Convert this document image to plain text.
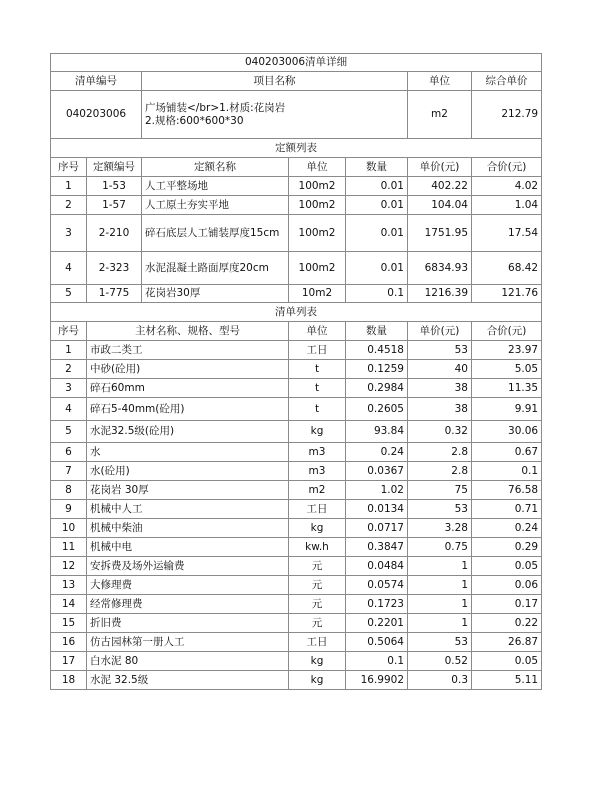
040203006清单详细						
清单编号		项目名称			单位	综合单价
040203006		广场铺装</br>1.材质:花岗岩
2.规格:600*600*30			m2	212.79
定额列表						
序号	定额编号	定额名称	单位	数量	单价(元)	合价(元)
1	1-53	人工平整场地	100m2	0.01	402.22	4.02
2	1-57	人工原土夯实平地	100m2	0.01	104.04	1.04
3	2-210	碎石底层人工铺装厚度15cm	100m2	0.01	1751.95	17.54
4	2-323	水泥混凝土路面厚度20cm	100m2	0.01	6834.93	68.42
5	1-775	花岗岩30厚	10m2	0.1	1216.39	121.76
清单列表						
序号	主材名称、规格、型号		单位	数量	单价(元)	合价(元)
1	市政二类工		工日	0.4518	53	23.97
2	中砂(砼用)		t	0.1259	40	5.05
3	碎石60mm		t	0.2984	38	11.35
4	碎石5-40mm(砼用)		t	0.2605	38	9.91
5	水泥32.5级(砼用)		kg	93.84	0.32	30.06
6	水		m3	0.24	2.8	0.67
7	水(砼用)		m3	0.0367	2.8	0.1
8	花岗岩 30厚		m2	1.02	75	76.58
9	机械中人工		工日	0.0134	53	0.71
10	机械中柴油		kg	0.0717	3.28	0.24
11	机械中电		kw.h	0.3847	0.75	0.29
12	安拆费及场外运输费		元	0.0484	1	0.05
13	大修理费		元	0.0574	1	0.06
14	经常修理费		元	0.1723	1	0.17
15	折旧费		元	0.2201	1	0.22
16	仿古园林第一册人工		工日	0.5064	53	26.87
17	白水泥 80		kg	0.1	0.52	0.05
18	水泥 32.5级		kg	16.9902	0.3	5.11
